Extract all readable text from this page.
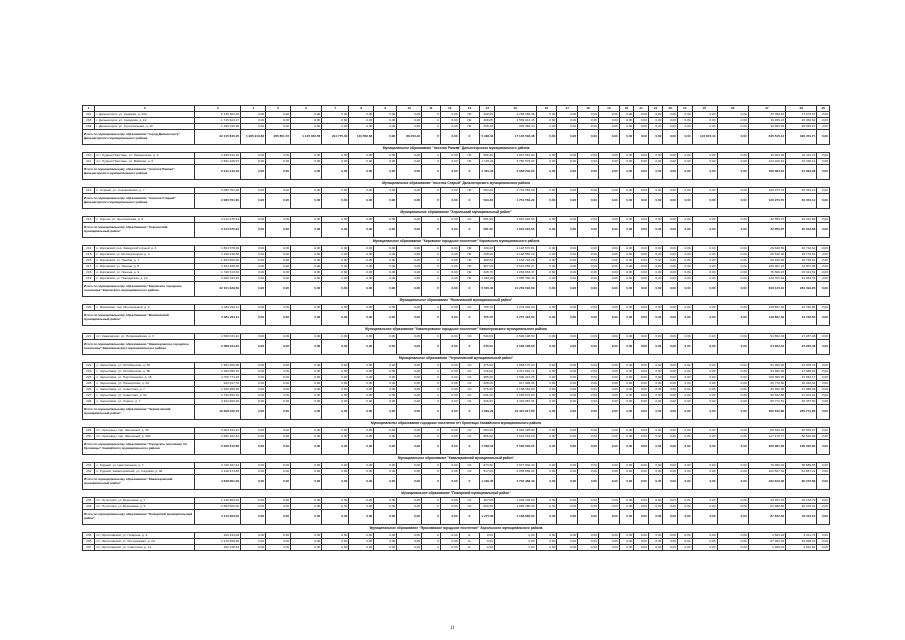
1	2	3	4	5	6	7	8	9	10	11	12	13	14	15	16	17	18	19	20	21	22	23	24	25	26	27	28	29
207	г. Дальнегорск, ул. Садовая, д. 12А	5 145 363,15	0,00	0,00	0,00	0,00	0,00	0,00	0,00	0	0,00	ПК	320,20	3 283 356,36	0,00	0,00	0,00	0,00	0,00	0,00	0,00	0,00	0,00	0,00	0,00	33 359,63	17 673,07	0,00
208	г. Дальнегорск, ул. Сахарова, д. 12	1 745 624,17	0,00	0,00	0,00	0,00	0,00	0,00	0,00	0	0,00	ПК	468,05	1 569 012,15	0,00	0,00	0,00	0,00	0,00	0,00	0,00	0,00	0,00	0,00	0,00	19 459,23	20 366,62	0,00
209	г. Дальнегорск, ул. Строительная, д. 10	1 260 190,38	0,00	0,00	0,00	0,00	0,00	0,00	0,00	0	0,00	ПК	238,30	945 369,30	0,00	0,00	0,00	0,00	0,00	0,00	0,00	0,00	0,00	0,00	0,00	16 653,46	28 565,27	0,00
Итого по муниципальному образованию "город Дальнегорск" Дальнегорского муниципального района		22 215 845,45	1 965 213,83	255 851,72	1 145 460,58	244 775,30	140 556,83	0,00	88 450,40	0	0,00	Х	5 188,34	17 145 503,48	0,00	0,00	0,00	0,00	0,00	0,00	0,00	0,00	0,00	124 872,44	0,00	845 515,14	329 451,71	0,00
Муниципальное образование "поселок Ракова" Дальнегорского муниципального района																												
210	пгт. Рудная Пристань, ул. Приморская, д. 5	3 489 912,22	0,00	0,00	0,00	0,00	0,00	0,00	0,00	0	0,00	ПК	256,46	1 907 551,00	0,00	0,00	0,00	0,00	0,00	0,00	0,00	0,00	0,00	0,00	0,00	15 464,00	21 114,70	0,00
211	пгт. Рудная Пристань, ул. Майская, д. 6	2 552 226,97	0,00	0,00	0,00	0,00	0,00	0,00	0,00	0	0,00	ПК	1 125,24	3 750 575,00	0,00	0,00	0,00	0,00	0,00	0,00	0,00	0,00	0,00	0,00	0,00	124 220,51	32 425,14	0,00
Итого по муниципальному образованию "поселок Ракова" Дальнегорского муниципального района		6 012 140,19	0,00	0,00	0,00	0,00	0,00	0,00	0,00	0	0,00	Х	1 415,24	5 658 246,00	0,00	0,00	0,00	0,00	0,00	0,00	0,00	0,00	0,00	0,00	0,00	158 684,51	61 663,28	0,00
Муниципальное образование "поселок Старый" Дальнегорского муниципального района																												
212	п. Старый, ул. Стахановская, д. 7	2 080 761,00	0,00	0,00	0,00	0,00	0,00	0,00	0,00	0	0,00	ПК	594,20	1 751 553,20	0,00	0,00	0,00	0,00	0,00	0,00	0,00	0,00	0,00	0,00	0,00	126 273,70	52 454,12	0,00
Итого по муниципальному образованию "поселок Старый" Дальнегорского муниципального района		2 080 761,00	0,00	0,00	0,00	0,00	0,00	0,00	0,00	0	0,00	Х	594,20	1 751 553,20	0,00	0,00	0,00	0,00	0,00	0,00	0,00	0,00	0,00	0,00	0,00	126 273,70	52 454,12	0,00
Муниципальное образование "Хорольский муниципальный район"																												
213	с. Хороль, ул. Центральная, д. 5	2 014 675,91	0,00	0,00	0,00	0,00	0,00	0,00	0,00	0	0,00	СК	581,55	1 554 322,53	0,00	0,00	0,00	0,00	0,00	0,00	0,00	0,00	0,00	0,00	0,00	32 556,07	20 913,68	0,00
Итого по муниципальному образованию "Хорольский муниципальный район"		2 014 675,91	0,00	0,00	0,00	0,00	0,00	0,00	0,00	0	0,00	Х	581,55	1 554 322,53	0,00	0,00	0,00	0,00	0,00	0,00	0,00	0,00	0,00	0,00	0,00	32 556,07	20 913,68	0,00
Муниципальное образование "Кировское городское поселение" Кировского муниципального района																												
214	п. Кировский, пер. Заводской горный, д. 4	3 804 578,20	0,00	0,00	0,00	0,00	0,00	0,00	0,00	0	0,00	ПК	430,20	2 148 570,81	0,00	0,00	0,00	0,00	0,00	0,00	0,00	0,00	0,00	0,00	0,00	26 648,50	46 716,62	0,00
215	п. Кировский, ул. Мелиораторов, д. 4	2 198 248,80	0,00	0,00	0,00	0,00	0,00	0,00	0,00	0	0,00	ПК	435,00	2 148 565,10	0,00	0,00	0,00	0,00	0,00	0,00	0,00	0,00	0,00	0,00	0,00	26 618,30	46 776,51	0,00
216	п. Кировский, ул. Ленина, д. 7	1 509 500,00	0,00	0,00	0,00	0,00	0,00	0,00	0,00	0	0,00	ПК	390,00	1 162 793,25	0,00	0,00	0,00	0,00	0,00	0,00	0,00	0,00	0,00	0,00	0,00	66 106,25	36 736,61	0,00
217	п. Кировский, ул. Ленина, д. 8	4 154 368,30	0,00	0,00	0,00	0,00	0,00	0,00	0,00	0	0,00	ПК	607,00	3 519 950,27	0,00	0,00	0,00	0,00	0,00	0,00	0,00	0,00	0,00	0,00	0,00	100 367,23	74 007,00	0,00
218	п. Кировский, ул. Ленина, д. 9	1 726 513,30	0,00	0,00	0,00	0,00	0,00	0,00	0,00	0	0,00	ПК	328,70	1 262 963,37	0,00	0,00	0,00	0,00	0,00	0,00	0,00	0,00	0,00	0,00	0,00	75 669,23	26 621,51	0,00
219	п. Кировский, ул. Пионерская, д. 12	3 996 763,20	0,00	0,00	0,00	0,00	0,00	0,00	0,00	0	0,00	ПК	1 040,00	3 955 350,40	0,00	0,00	0,00	0,00	0,00	0,00	0,00	0,00	0,00	0,00	0,00	132 764,64	51 053,76	0,00
Итого по муниципальному образованию "Кировское городское поселение" Кировского муниципального района		22 151 329,59	0,00	0,00	0,00	0,00	0,00	0,00	0,00	0	0,00	Х	5 545,34	21 250 602,09	0,00	0,00	0,00	0,00	0,00	0,00	0,00	0,00	0,00	0,00	0,00	846 140,13	284 494,05	0,00
Муниципальное образование "Яковлевский муниципальный район"																												
220	с. Яковлевка, пер. Молодежный, д. 4	3 481 294,11	0,00	0,00	0,00	0,00	0,00	0,00	0,00	0	0,00	СК	705,70	3 272 404,00	0,00	0,00	0,00	0,00	0,00	0,00	0,00	0,00	0,00	0,00	0,00	118 867,46	34 782,65	0,00
Итого по муниципальному образованию "Яковлевский муниципальный район"		3 481 294,11	0,00	0,00	0,00	0,00	0,00	0,00	0,00	0	0,00	Х	705,70	3 272 404,00	0,00	0,00	0,00	0,00	0,00	0,00	0,00	0,00	0,00	0,00	0,00	118 867,46	34 782,65	0,00
Муниципальное образование "Кавалеровское городское поселение" Кавалеровского муниципального района																												
221	пгт. Кавалерово, ул. Первомайская, д. 3	2 588 034,22	0,00	0,00	0,00	0,00	0,00	0,00	0,00	0	0,00	СК	540,00	2 506 198,50	0,00	0,00	0,00	0,00	0,00	0,00	0,00	0,00	0,00	0,00	0,00	54 652,34	27 287,48	0,00
Итого по муниципальному образованию "Кавалеровское городское поселение" Кавалеровского муниципального района		2 588 034,22	0,00	0,00	0,00	0,00	0,00	0,00	0,00	0	0,00	Х	540,00	2 506 198,50	0,00	0,00	0,00	0,00	0,00	0,00	0,00	0,00	0,00	0,00	0,00	54 652,34	27 287,48	0,00
Муниципальное образование "Черниговский муниципальный район"																												
222	с. Черниговка, ул. Октябрьская, д. 56	1 951 663,06	0,00	0,00	0,00	0,00	0,00	0,00	0,00	0	0,00	СК	475,00	1 868 175,00	0,00	0,00	0,00	0,00	0,00	0,00	0,00	0,00	0,00	0,00	0,00	51 469,20	22 878,72	0,00
223	с. Черниговка, ул. Октябрьская, д. 58	3 320 050,15	0,00	0,00	0,00	0,00	0,00	0,00	0,00	0	0,00	СК	716,00	3 211 663,74	0,00	0,00	0,00	0,00	0,00	0,00	0,00	0,00	0,00	0,00	0,00	54 656,36	17 586,63	0,00
224	с. Черниговка, ул. Партизанская, д. 15	4 709 774,15	0,00	0,00	0,00	0,00	0,00	0,00	0,00	0	0,00	СК	985,00	4 596 410,25	0,00	0,00	0,00	0,00	0,00	0,00	0,00	0,00	0,00	0,00	0,00	166 306,95	34 652,17	0,00
225	с. Черниговка, ул. Пионерская, д. 29	943 517,70	0,00	0,00	0,00	0,00	0,00	0,00	0,00	0	0,00	СК	226,00	917 996,85	0,00	0,00	0,00	0,00	0,00	0,00	0,00	0,00	0,00	0,00	0,00	20 778,60	10 420,54	0,00
226	с. Черниговка, ул. Советская, д. 7	2 208 958,35	0,00	0,00	0,00	0,00	0,00	0,00	0,00	0	0,00	СК	576,00	2 158 464,00	0,00	0,00	0,00	0,00	0,00	0,00	0,00	0,00	0,00	0,00	0,00	34 652,90	21 586,48	0,00
227	с. Черниговка, ул. Советская, д. 62	2 729 652,25	0,00	0,00	0,00	0,00	0,00	0,00	0,00	0	0,00	СК	641,00	2 655 975,00	0,00	0,00	0,00	0,00	0,00	0,00	0,00	0,00	0,00	0,00	0,00	58 622,68	21 874,24	0,00
228	с. Черниговка, ул. Хороль, д. 7	3 494 609,26	0,00	0,00	0,00	0,00	0,00	0,00	0,00	0	0,00	СК	946,00	3 423 987,04	0,00	0,00	0,00	0,00	0,00	0,00	0,00	0,00	0,00	0,00	0,00	59 771,51	40 457,90	0,00
Итого по муниципальному образованию "Черниговский муниципальный район"		19 358 226,73	0,00	0,00	0,00	0,00	0,00	0,00	0,00	0	0,00	Х	4 669,20	18 454 917,85	0,00	0,00	0,00	0,00	0,00	0,00	0,00	0,00	0,00	0,00	0,00	465 816,86	205 771,86	0,00
Муниципальное образование городское поселение пгт Кролевцы Ханкайского муниципального района																												
229	пгт. Кролевцы, пер. Школьный, д. 39	3 084 494,43	0,00	0,00	0,00	0,00	0,00	0,00	0,00	0	0,00	СК	693,00	2 994 325,00	0,00	0,00	0,00	0,00	0,00	0,00	0,00	0,00	0,00	0,00	0,00	56 546,25	48 653,27	0,00
230	пгт. Кролевцы, пер. Школьный, д. 39А	2 680 182,43	0,00	0,00	0,00	0,00	0,00	0,00	0,00	0	0,00	СК	865,00	2 512 181,20	0,00	0,00	0,00	0,00	0,00	0,00	0,00	0,00	0,00	0,00	0,00	117 470,77	58 549,89	0,00
Итого по муниципальному образованию "Городское поселение пгт Кролевцы" Ханкайского муниципального района		6 066 615,86	0,00	0,00	0,00	0,00	0,00	0,00	0,00	0	0,00	Х	1 558,00	5 506 506,20	0,00	0,00	0,00	0,00	0,00	0,00	0,00	0,00	0,00	0,00	0,00	206 081,06	106 040,90	0,00
Муниципальное образование "Кавалеровский муниципальный район"																												
231	с. Рудный, ул. Центральная, д. 7	2 730 327,41	0,00	0,00	0,00	0,00	0,00	0,00	0,00	0	0,00	СК	673,00	2 647 830,40	0,00	0,00	0,00	0,00	0,00	0,00	0,00	0,00	0,00	0,00	0,00	79 966,32	38 685,65	0,00
232	п. Рудный, Кавалеровский, ул. Садовая, д. 46	2 118 473,85	0,00	0,00	0,00	0,00	0,00	0,00	0,00	0	0,00	СК	517,00	2 055 658,00	0,00	0,00	0,00	0,00	0,00	0,00	0,00	0,00	0,00	0,00	0,00	102 847,04	51 687,21	0,00
Итого по муниципальному образованию "Кавалеровский муниципальный район"		4 848 801,26	0,00	0,00	0,00	0,00	0,00	0,00	0,00	0	0,00	Х	1 190,00	4 703 488,40	0,00	0,00	0,00	0,00	0,00	0,00	0,00	0,00	0,00	0,00	0,00	182 813,36	90 372,86	0,00
Муниципальное образование "Пожарский муниципальный район"																												
233	пгт. Лучегорск, ул. Березовая, д. 7	1 248 863,02	0,00	0,00	0,00	0,00	0,00	0,00	0,00	0	0,00	СК	327,00	1 209 305,00	0,00	0,00	0,00	0,00	0,00	0,00	0,00	0,00	0,00	0,00	0,00	25 183,76	16 133,79	0,00
234	пгт. Лучегорск, ул. Березовая, д. 9	2 894 500,00	0,00	0,00	0,00	0,00	0,00	0,00	0,00	0	0,00	СК	950,00	2 899 380,00	0,00	0,00	0,00	0,00	0,00	0,00	0,00	0,00	0,00	0,00	0,00	62 688,56	28 979,31	0,00
Итого по муниципальному образованию "Пожарский муниципальный район"		4 143 363,02	0,00	0,00	0,00	0,00	0,00	0,00	0,00	0	0,00	Х	1 277,00	4 108 685,00	0,00	0,00	0,00	0,00	0,00	0,00	0,00	0,00	0,00	0,00	0,00	87 872,32	45 113,10	0,00
Муниципальное образование "Ярославское городское поселение" Хорольского муниципального района																												
235	пгт. Ярославский, ул. Гагарина, д. 6	226 433,00	0,00	0,00	0,00	0,00	0,00	0,00	0,00	0	0,00	Е	0,00	0,00	0,00	0,00	0,00	0,00	0,00	0,00	0,00	0,00	0,00	0,00	0,00	2 834,23	4 211,73	0,00
236	пгт. Ярославский, ул. Молодежная, д. 10	2 219 958,69	0,00	0,00	0,00	0,00	0,00	0,00	0,00	0	0,00	Е	0,00	0,00	0,00	0,00	0,00	0,00	0,00	0,00	0,00	0,00	0,00	0,00	0,00	67 260,34	33 818,23	0,00
237	пгт. Ярославский, ул. Советская, д. 14	252 248,53	0,00	0,00	0,00	0,00	0,00	0,00	0,00	0	0,00	Е	0,00	0,00	0,00	0,00	0,00	0,00	0,00	0,00	0,00	0,00	0,00	0,00	0,00	4 408,01	2 544,82	0,00
11
